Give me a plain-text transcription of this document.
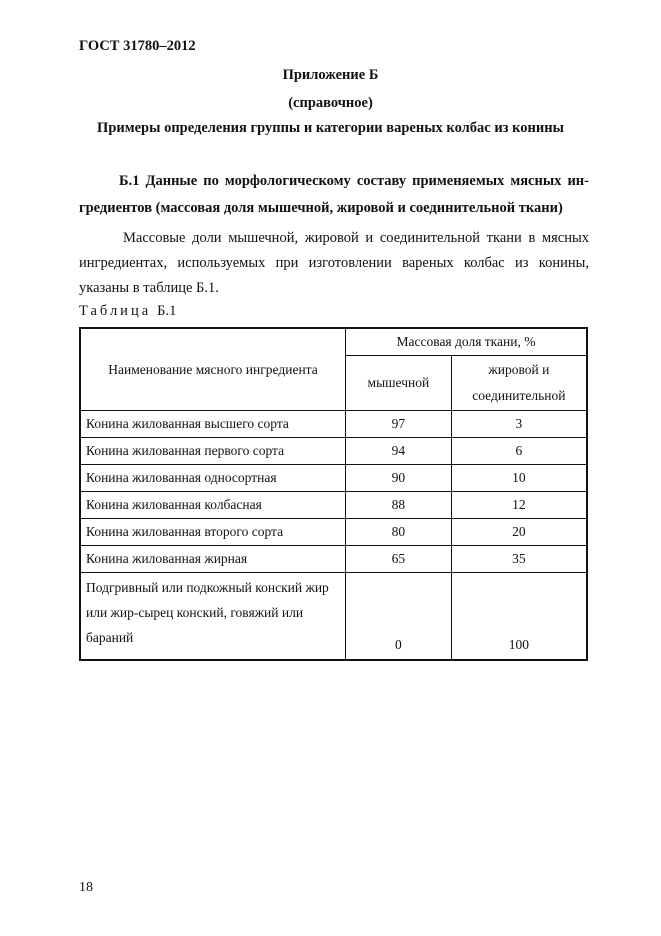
ГОСТ 31780–2012
Приложение Б
(справочное)
Примеры определения группы и категории вареных колбас из конины
Б.1 Данные по морфологическому составу применяемых мясных ин- гредиентов (массовая доля мышечной, жировой и соединительной ткани)
Массовые доли мышечной, жировой и соединительной ткани в мясных ингредиентах, используемых при изготовлении вареных колбас из конины, указаны в таблице Б.1.
Таблица Б.1
Наименование мясного ингредиента	Массовая доля ткани, %	
	мышечной	жировой и
соединительной

Конина жилованная высшего сорта	97	3
Конина жилованная первого сорта	94	6
Конина жилованная односортная	90	10
Конина жилованная колбасная	88	12
Конина жилованная второго сорта	80	20
Конина жилованная жирная	65	35
Подгривный или подкожный конский жир или жир-сырец конский, говяжий или бараний	0	100
18
